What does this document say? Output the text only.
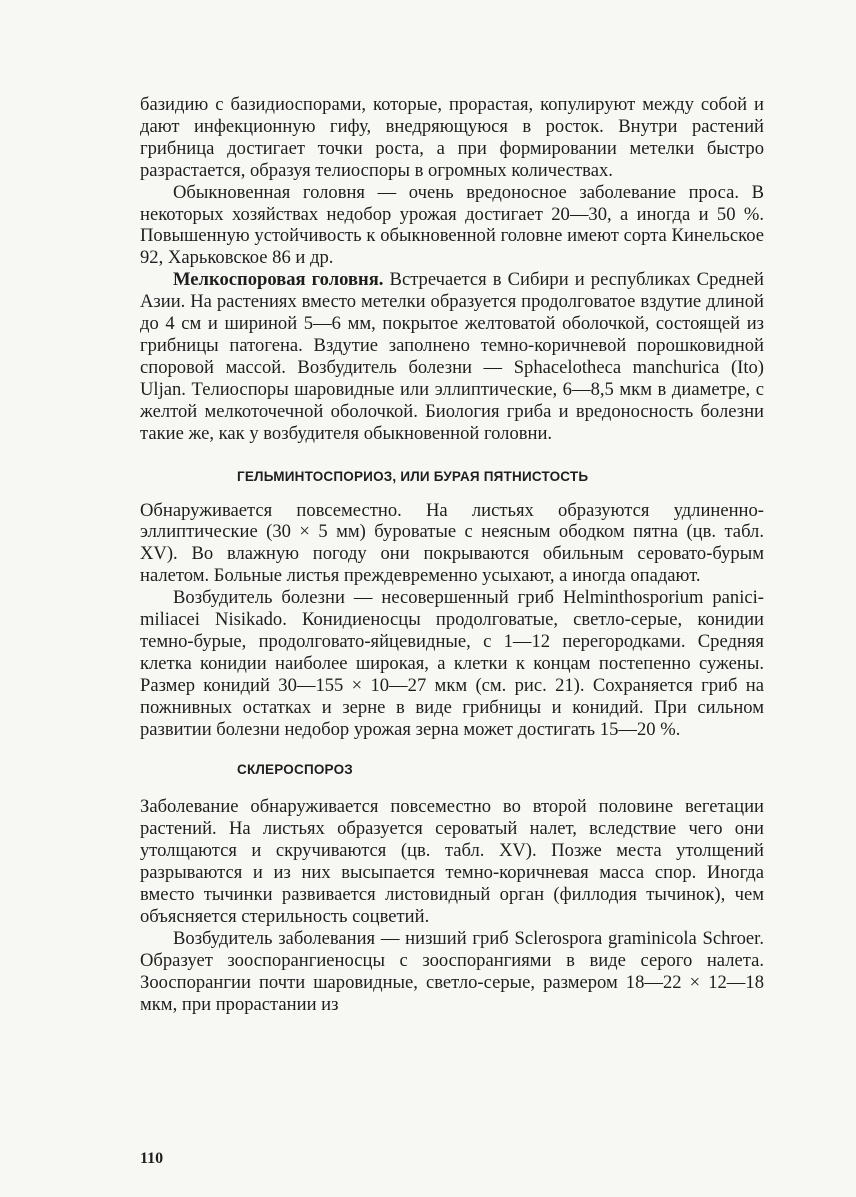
базидию с базидиоспорами, которые, прорастая, копулируют между собой и дают инфекционную гифу, внедряющуюся в росток. Внутри растений грибница достигает точки роста, а при формировании метелки быстро разрастается, образуя телиоспоры в огромных количествах.

Обыкновенная головня — очень вредоносное заболевание проса. В некоторых хозяйствах недобор урожая достигает 20—30, а иногда и 50 %. Повышенную устойчивость к обыкновенной головне имеют сорта Кинельское 92, Харьковское 86 и др.

Мелкоспоровая головня. Встречается в Сибири и республиках Средней Азии. На растениях вместо метелки образуется продолговатое вздутие длиной до 4 см и шириной 5—6 мм, покрытое желтоватой оболочкой, состоящей из грибницы патогена. Вздутие заполнено темно-коричневой порошковидной споровой массой. Возбудитель болезни — Sphacelotheca manchurica (Ito) Uljan. Телиоспоры шаровидные или эллиптические, 6—8,5 мкм в диаметре, с желтой мелкоточечной оболочкой. Биология гриба и вредоносность болезни такие же, как у возбудителя обыкновенной головни.

ГЕЛЬМИНТОСПОРИОЗ, ИЛИ БУРАЯ ПЯТНИСТОСТЬ

Обнаруживается повсеместно. На листьях образуются удлиненно-эллиптические (30 × 5 мм) буроватые с неясным ободком пятна (цв. табл. XV). Во влажную погоду они покрываются обильным серовато-бурым налетом. Больные листья преждевременно усыхают, а иногда опадают.

Возбудитель болезни — несовершенный гриб Helminthosporium panici-miliacei Nisikado. Конидиеносцы продолговатые, светло-серые, конидии темно-бурые, продолговато-яйцевидные, с 1—12 перегородками. Средняя клетка конидии наиболее широкая, а клетки к концам постепенно сужены. Размер конидий 30—155 × 10—27 мкм (см. рис. 21). Сохраняется гриб на пожнивных остатках и зерне в виде грибницы и конидий. При сильном развитии болезни недобор урожая зерна может достигать 15—20 %.

СКЛЕРОСПОРОЗ

Заболевание обнаруживается повсеместно во второй половине вегетации растений. На листьях образуется сероватый налет, вследствие чего они утолщаются и скручиваются (цв. табл. XV). Позже места утолщений разрываются и из них высыпается темно-коричневая масса спор. Иногда вместо тычинки развивается листовидный орган (филлодия тычинок), чем объясняется стерильность соцветий.

Возбудитель заболевания — низший гриб Sclerospora graminicola Schroer. Образует зооспорангиеносцы с зооспорангиями в виде серого налета. Зооспорангии почти шаровидные, светло-серые, размером 18—22 × 12—18 мкм, при прорастании из

110
